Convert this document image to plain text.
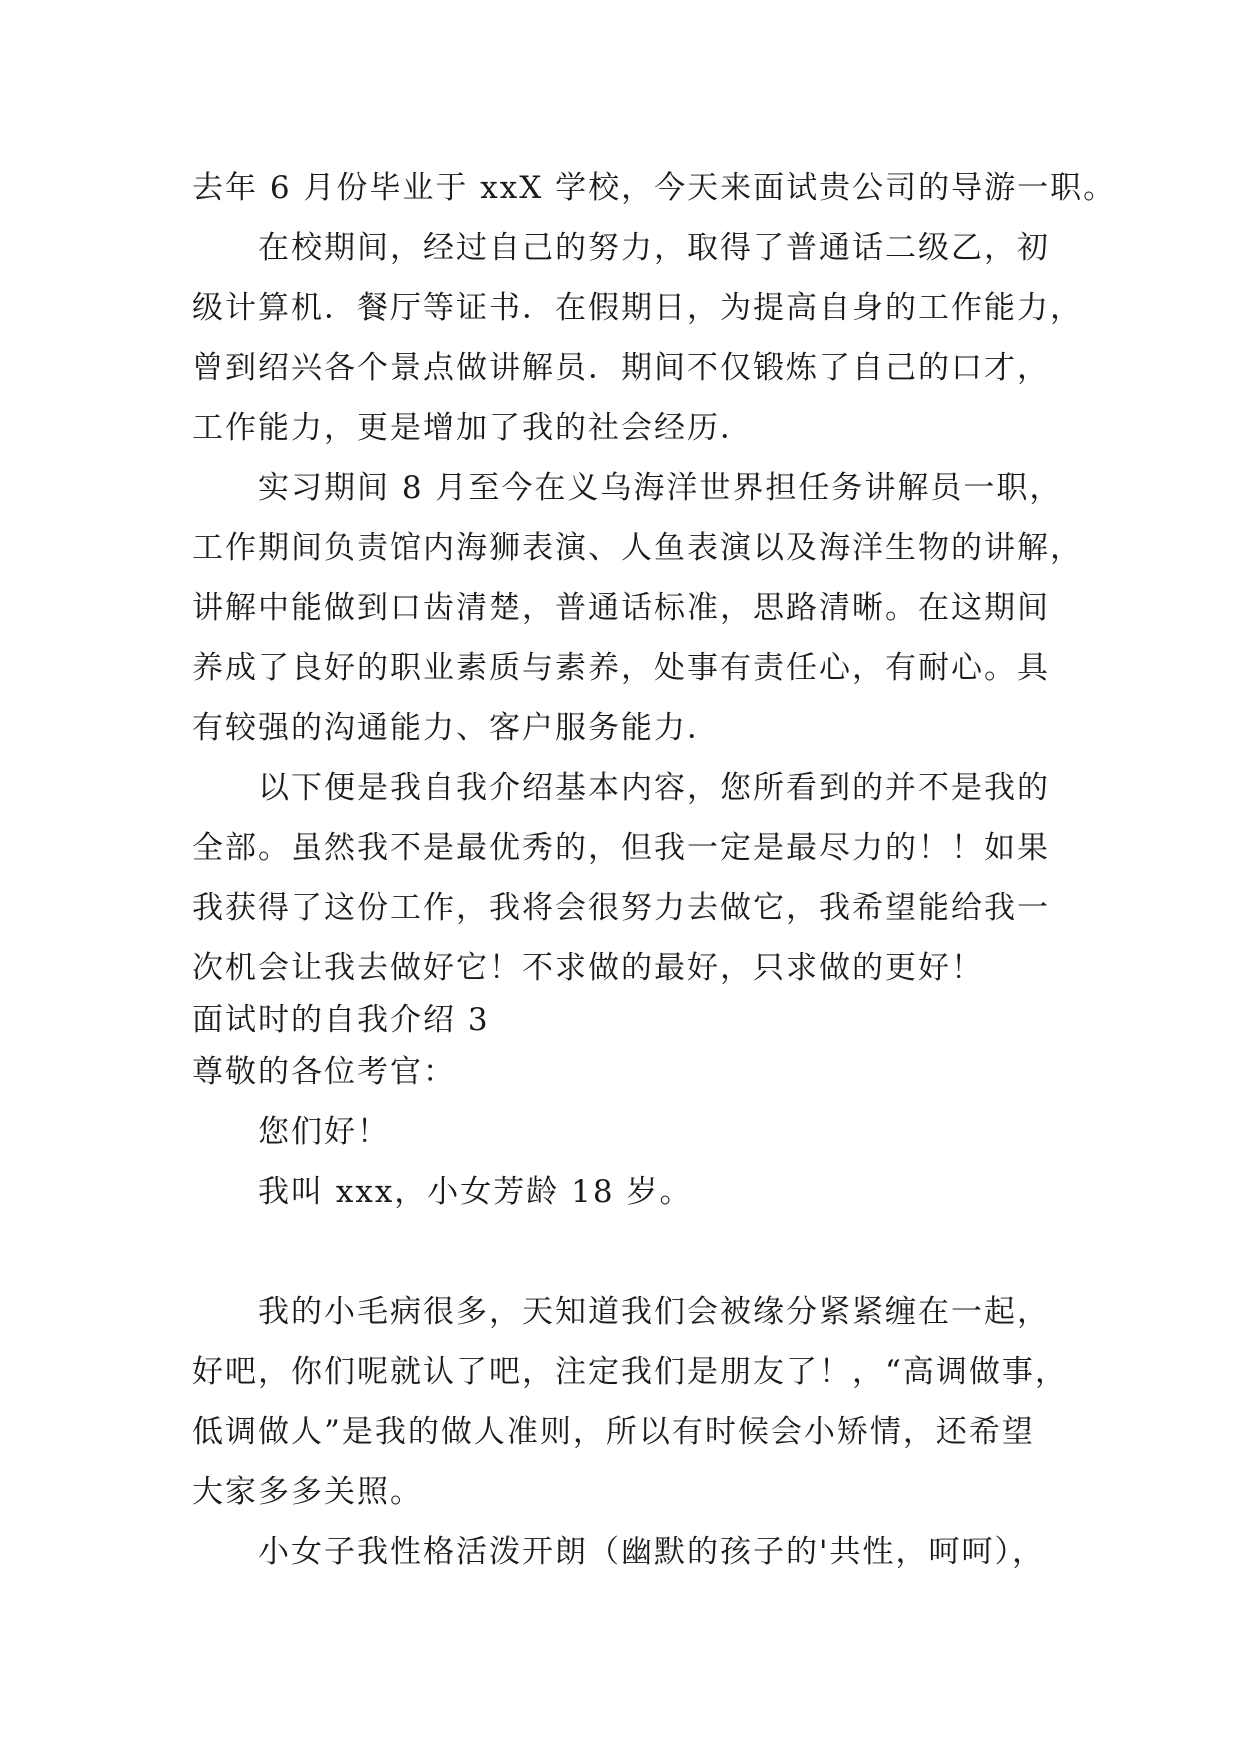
去年 6 月份毕业于 xxX 学校，今天来面试贵公司的导游一职。
在校期间，经过自己的努力，取得了普通话二级乙，初
级计算机．餐厅等证书．在假期日，为提高自身的工作能力，
曾到绍兴各个景点做讲解员．期间不仅锻炼了自己的口才，
工作能力，更是增加了我的社会经历．
实习期间 8 月至今在义乌海洋世界担任务讲解员一职，
工作期间负责馆内海狮表演、人鱼表演以及海洋生物的讲解，
讲解中能做到口齿清楚，普通话标准，思路清晰。在这期间
养成了良好的职业素质与素养，处事有责任心，有耐心。具
有较强的沟通能力、客户服务能力．
以下便是我自我介绍基本内容，您所看到的并不是我的
全部。虽然我不是最优秀的，但我一定是最尽力的！！如果
我获得了这份工作，我将会很努力去做它，我希望能给我一
次机会让我去做好它！不求做的最好，只求做的更好！
面试时的自我介绍 3
尊敬的各位考官：
您们好！
我叫 xxx，小女芳龄 18 岁。
我的小毛病很多，天知道我们会被缘分紧紧缠在一起，
好吧，你们呢就认了吧，注定我们是朋友了！，“高调做事，
低调做人”是我的做人准则，所以有时候会小矫情，还希望
大家多多关照。
小女子我性格活泼开朗（幽默的孩子的'共性，呵呵），
